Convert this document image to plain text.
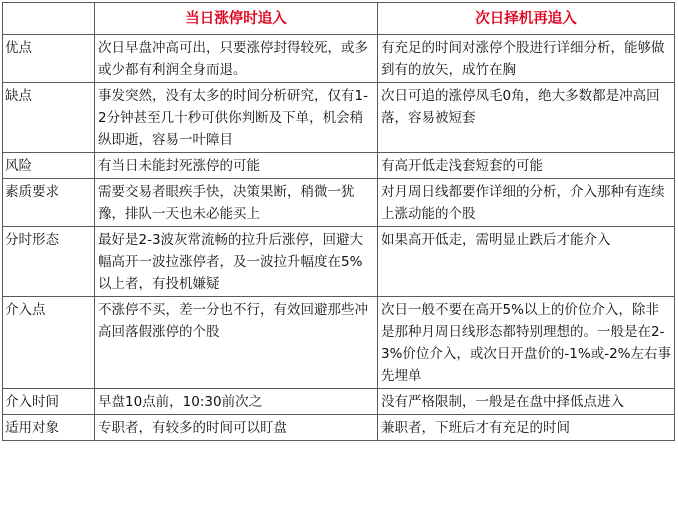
	当日涨停时追入	次日择机再追入
优点	次日早盘冲高可出，只要涨停封得较死，或多或少都有利润全身而退。	有充足的时间对涨停个股进行详细分析，能够做到有的放矢，成竹在胸
缺点	事发突然，没有太多的时间分析研究，仅有1-2分钟甚至几十秒可供你判断及下单，机会稍纵即逝，容易一叶障目	次日可追的涨停凤毛0角，绝大多数都是冲高回落，容易被短套
风险	有当日未能封死涨停的可能	有高开低走浅套短套的可能
素质要求	需要交易者眼疾手快，决策果断，稍微一犹豫，排队一天也未必能买上	对月周日线都要作详细的分析，介入那种有连续上涨动能的个股
分时形态	最好是2-3波灰常流畅的拉升后涨停，回避大幅高开一波拉涨停者，及一波拉升幅度在5%以上者，有投机嫌疑	如果高开低走，需明显止跌后才能介入
介入点	不涨停不买，差一分也不行，有效回避那些冲高回落假涨停的个股	次日一般不要在高开5%以上的价位介入，除非是那种月周日线形态都特别理想的。一般是在2-3%价位介入，或次日开盘价的-1%或-2%左右事先埋单
介入时间	早盘10点前，10:30前次之	没有严格限制，一般是在盘中择低点进入
适用对象	专职者，有较多的时间可以盯盘	兼职者，下班后才有充足的时间
